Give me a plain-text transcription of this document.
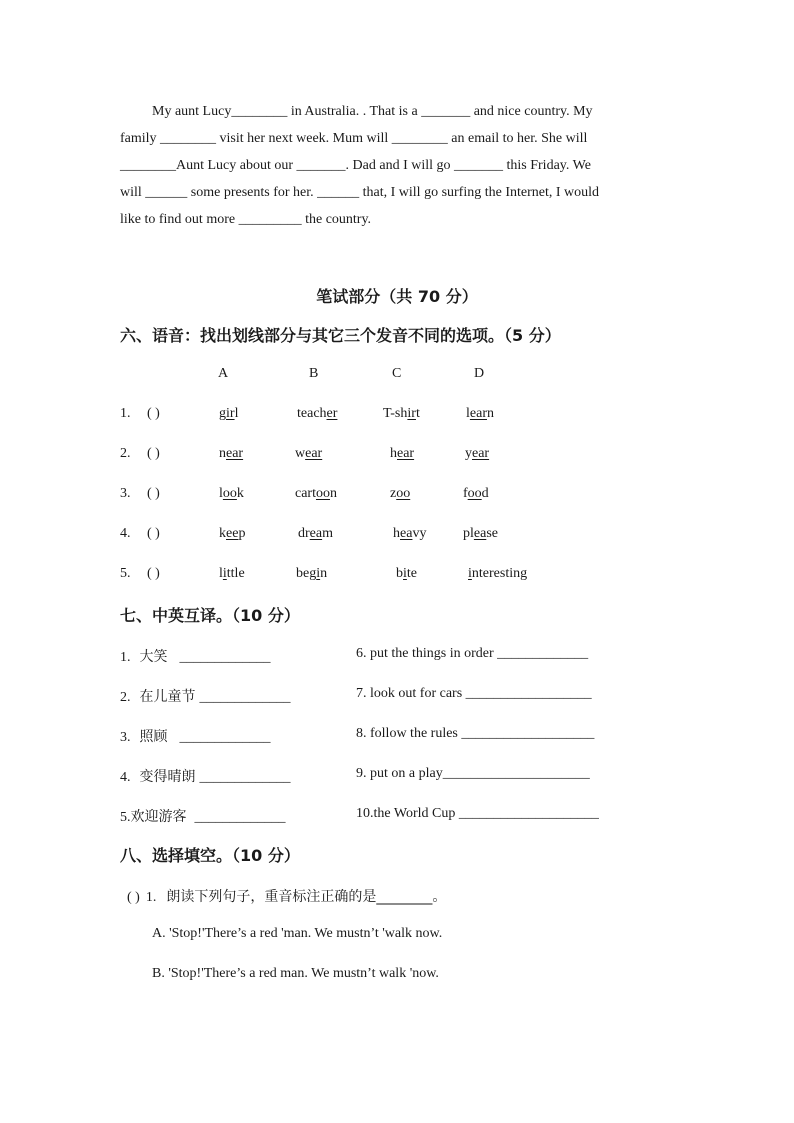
My aunt Lucy________ in Australia. . That is a _______ and nice country. My
family ________ visit her next week. Mum will ________ an email to her. She will
________Aunt Lucy about our _______. Dad and I will go _______ this Friday. We
will ______ some presents for her. ______ that, I will go surfing the Internet, I would
like to find out more _________ the country.
笔试部分（共 70 分）
六、语音：找出划线部分与其它三个发音不同的选项。（5 分）
A	B	C	D
1. ( )	girl	teacher	T-shirt	learn
2. ( )	near	wear	hear	year
3. ( )	look	cartoon	zoo	food
4. ( )	keep	dream	heavy	please
5. ( )	little	begin	bite	interesting
七、中英互译。（10 分）
1. 大笑 _____________
2. 在儿童节 _____________
3. 照顾 _____________
4. 变得晴朗 _____________
5.欢迎游客 _____________
6. put the things in order _____________
7. look out for cars __________________
8. follow the rules ___________________
9. put on a play_____________________
10.the World Cup ____________________
八、选择填空。（10 分）
( ) 1. 朗读下列句子，重音标注正确的是________。
A. 'Stop!'There’s a red 'man. We mustn’t 'walk now.
B. 'Stop!'There’s a red man. We mustn’t walk 'now.
